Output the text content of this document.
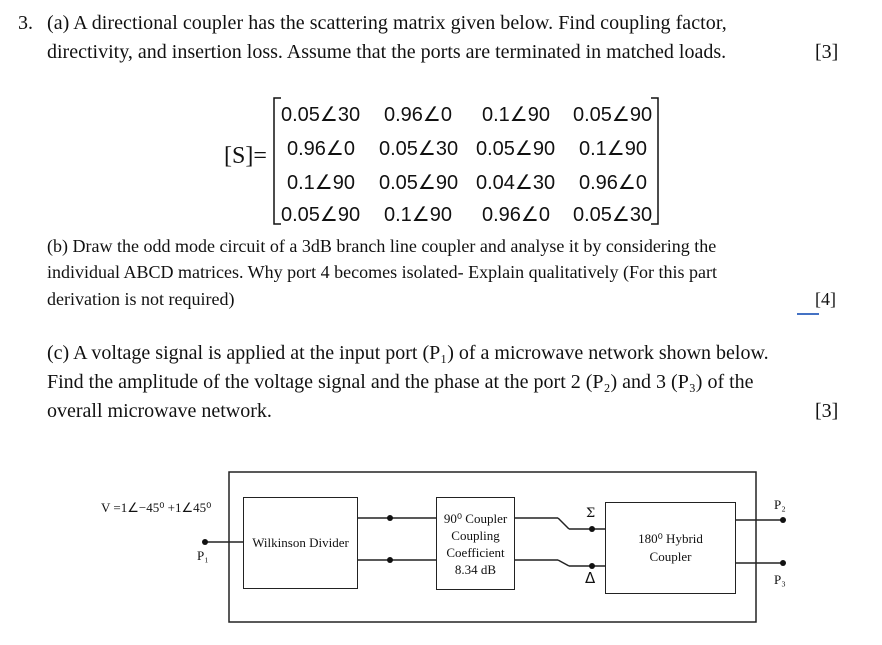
3. (a) A directional coupler has the scattering matrix given below. Find coupling factor,
directivity, and insertion loss. Assume that the ports are terminated in matched loads.	[3]
[S]=
0.05∠30 0.96∠0 0.1∠90 0.05∠90
0.96∠0 0.05∠30 0.05∠90 0.1∠90
0.1∠90 0.05∠90 0.04∠30 0.96∠0
0.05∠90 0.1∠90 0.96∠0 0.05∠30
(b) Draw the odd mode circuit of a 3dB branch line coupler and analyse it by considering the
individual ABCD matrices. Why port 4 becomes isolated- Explain qualitatively (For this part
derivation is not required)	[4]
(c) A voltage signal is applied at the input port (P₁) of a microwave network shown below.
Find the amplitude of the voltage signal and the phase at the port 2 (P₂) and 3 (P₃) of the
overall microwave network.	[3]
V =1∠−45⁰ +1∠45⁰
P₁
P₂
P₃
Wilkinson Divider
90⁰ Coupler
Coupling
Coefficient
8.34 dB
Σ
Δ
180⁰ Hybrid
Coupler
